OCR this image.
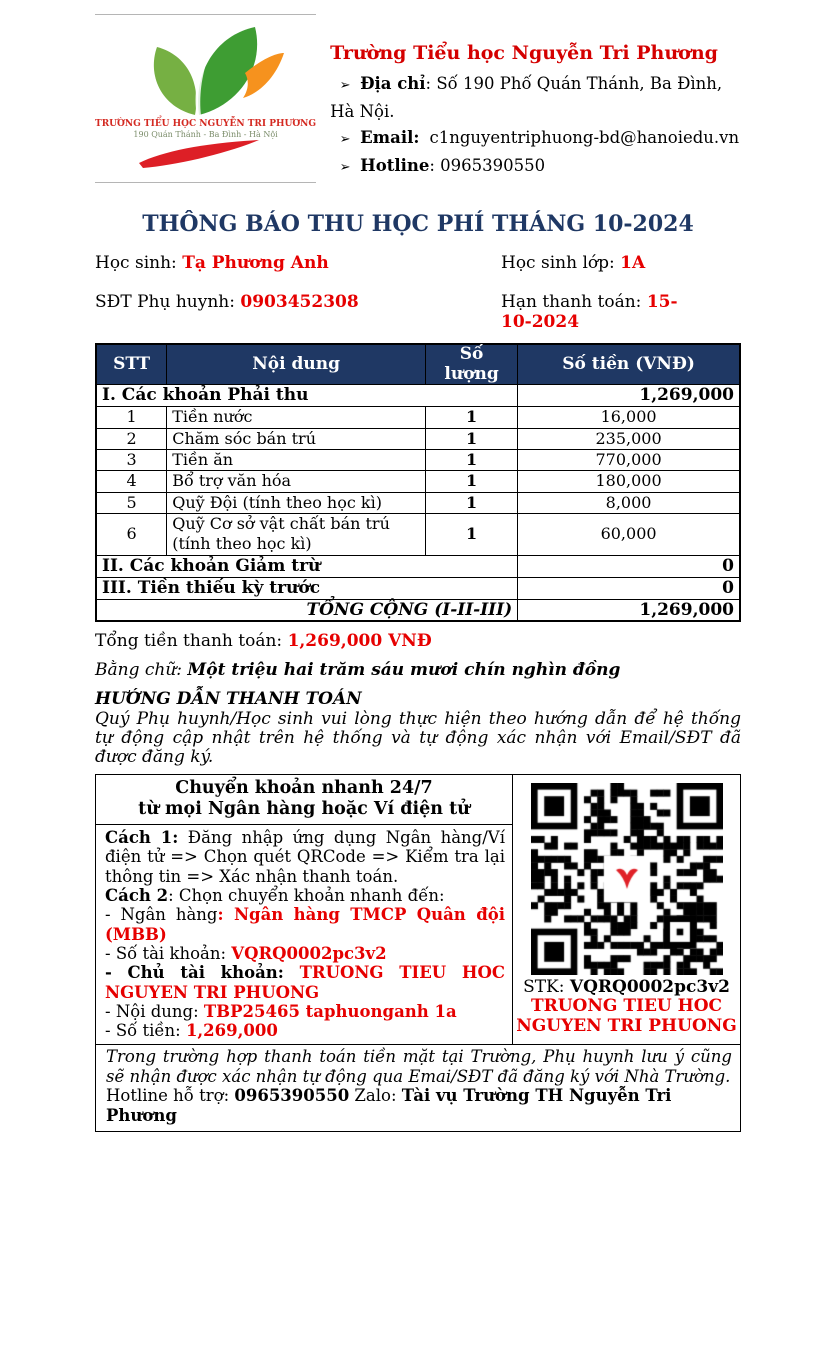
TRƯỜNG TIỂU HỌC NGUYỄN TRI PHƯƠNG
190 Quán Thánh - Ba Đình - Hà Nội
Trường Tiểu học Nguyễn Tri Phương
➢ Địa chỉ: Số 190 Phố Quán Thánh, Ba Đình, Hà Nội.
➢ Email: c1nguyentriphuong-bd@hanoiedu.vn
➢ Hotline: 0965390550
THÔNG BÁO THU HỌC PHÍ THÁNG 10-2024
Học sinh: Tạ Phương Anh
SĐT Phụ huynh: 0903452308
Học sinh lớp: 1A
Hạn thanh toán: 15-10-2024
STT	Nội dung	Số lượng	Số tiền (VNĐ)
I. Các khoản Phải thu			1,269,000
1	Tiền nước	1	16,000
2	Chăm sóc bán trú	1	235,000
3	Tiền ăn	1	770,000
4	Bổ trợ văn hóa	1	180,000
5	Quỹ Đội (tính theo học kì)	1	8,000
6	Quỹ Cơ sở vật chất bán trú (tính theo học kì)	1	60,000
II. Các khoản Giảm trừ			0
III. Tiền thiếu kỳ trước			0
TỔNG CỘNG (I-II-III)			1,269,000
Tổng tiền thanh toán: 1,269,000 VNĐ
Bằng chữ: Một triệu hai trăm sáu mươi chín nghìn đồng
HƯỚNG DẪN THANH TOÁN
Quý Phụ huynh/Học sinh vui lòng thực hiện theo hướng dẫn để hệ thống tự động cập nhật trên hệ thống và tự động xác nhận với Email/SĐT đã được đăng ký.
Chuyển khoản nhanh 24/7
từ mọi Ngân hàng hoặc Ví điện tử
Cách 1: Đăng nhập ứng dụng Ngân hàng/Ví điện tử => Chọn quét QRCode => Kiểm tra lại thông tin => Xác nhận thanh toán.
Cách 2: Chọn chuyển khoản nhanh đến:
- Ngân hàng: Ngân hàng TMCP Quân đội (MBB)
- Số tài khoản: VQRQ0002pc3v2
- Chủ tài khoản: TRUONG TIEU HOC NGUYEN TRI PHUONG
- Nội dung: TBP25465 taphuonganh 1a
- Số tiền: 1,269,000
STK: VQRQ0002pc3v2
TRUONG TIEU HOC
NGUYEN TRI PHUONG
Trong trường hợp thanh toán tiền mặt tại Trường, Phụ huynh lưu ý cũng sẽ nhận được xác nhận tự động qua Emai/SĐT đã đăng ký với Nhà Trường.
Hotline hỗ trợ: 0965390550 Zalo: Tài vụ Trường TH Nguyễn Tri Phương
